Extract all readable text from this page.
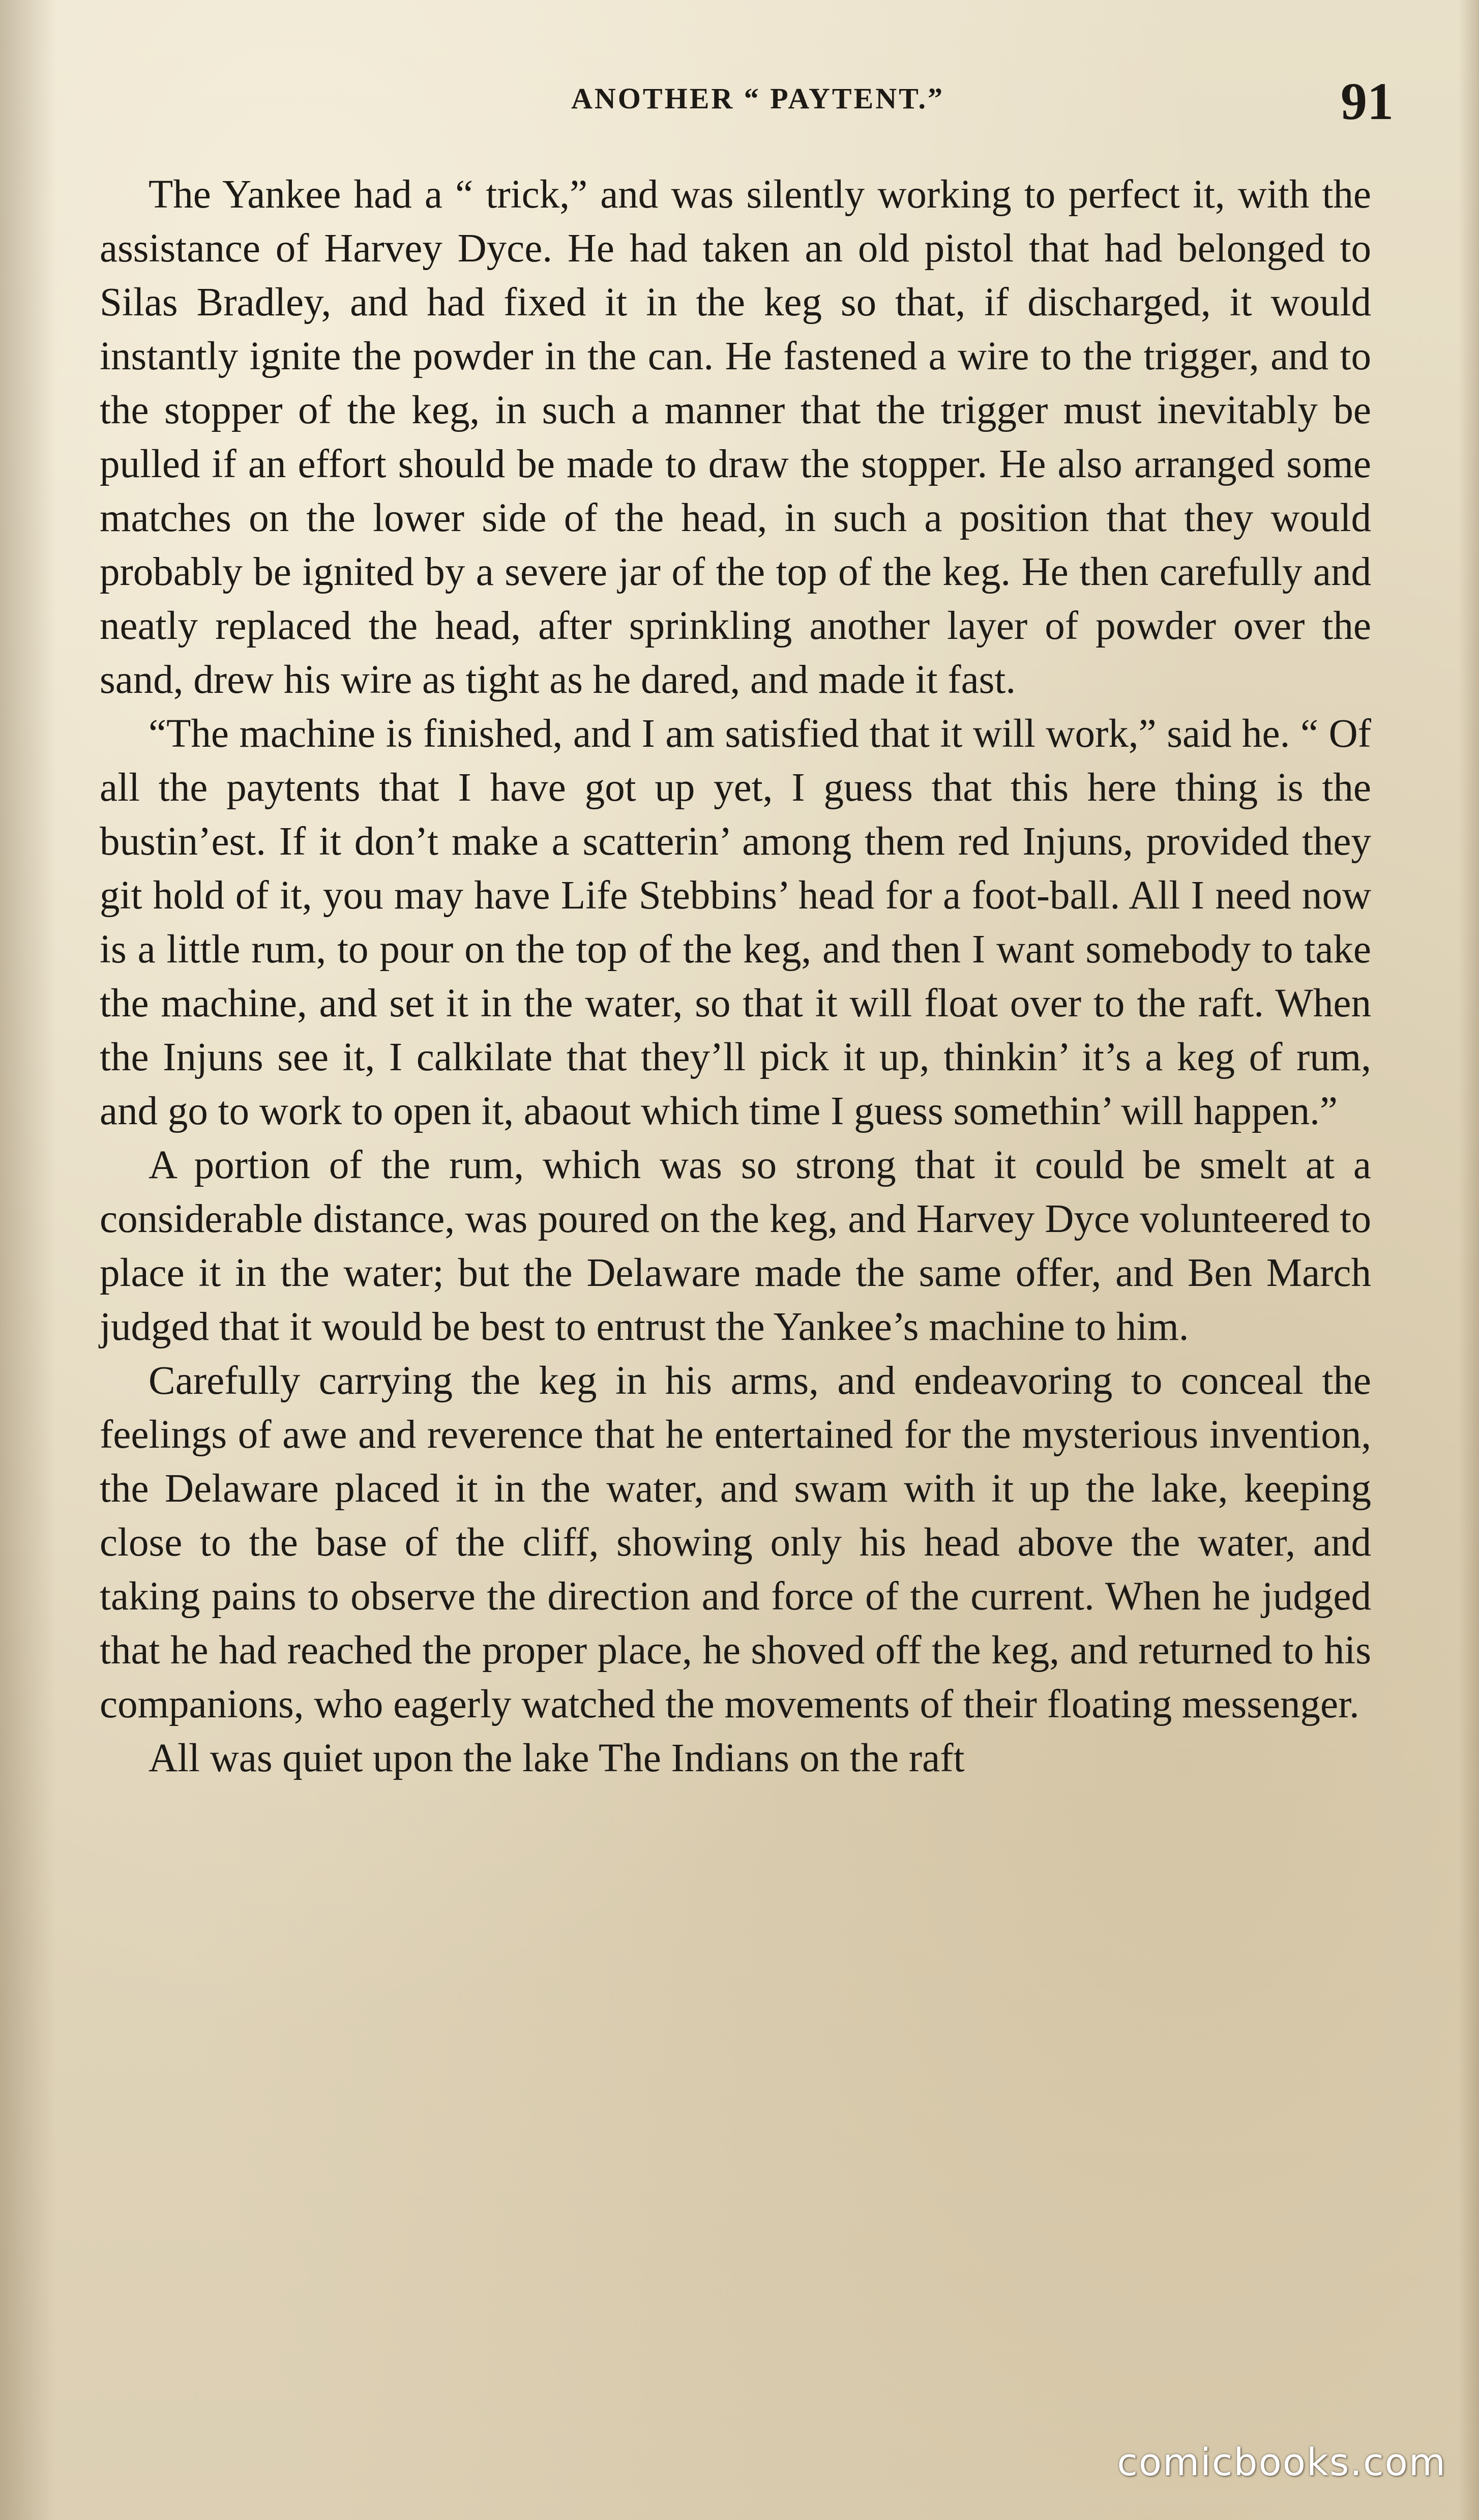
ANOTHER “ PAYTENT.”	91

The Yankee had a “ trick,” and was silently working to perfect it, with the assistance of Harvey Dyce. He had taken an old pistol that had belonged to Silas Bradley, and had fixed it in the keg so that, if discharged, it would instantly ignite the powder in the can. He fastened a wire to the trigger, and to the stopper of the keg, in such a manner that the trigger must inevitably be pulled if an effort should be made to draw the stopper. He also arranged some matches on the lower side of the head, in such a position that they would probably be ignited by a severe jar of the top of the keg. He then carefully and neatly replaced the head, after sprinkling another layer of powder over the sand, drew his wire as tight as he dared, and made it fast.

“The machine is finished, and I am satisfied that it will work,” said he. “ Of all the paytents that I have got up yet, I guess that this here thing is the bustin’est. If it don’t make a scatterin’ among them red Injuns, provided they git hold of it, you may have Life Stebbins’ head for a foot-ball. All I need now is a little rum, to pour on the top of the keg, and then I want somebody to take the machine, and set it in the water, so that it will float over to the raft. When the Injuns see it, I calkilate that they’ll pick it up, thinkin’ it’s a keg of rum, and go to work to open it, abaout which time I guess somethin’ will happen.”

A portion of the rum, which was so strong that it could be smelt at a considerable distance, was poured on the keg, and Harvey Dyce volunteered to place it in the water; but the Delaware made the same offer, and Ben March judged that it would be best to entrust the Yankee’s machine to him.

Carefully carrying the keg in his arms, and endeavoring to conceal the feelings of awe and reverence that he entertained for the mysterious invention, the Delaware placed it in the water, and swam with it up the lake, keeping close to the base of the cliff, showing only his head above the water, and taking pains to observe the direction and force of the current. When he judged that he had reached the proper place, he shoved off the keg, and returned to his companions, who eagerly watched the movements of their floating messenger.

All was quiet upon the lake The Indians on the raft

comicbooks.com
